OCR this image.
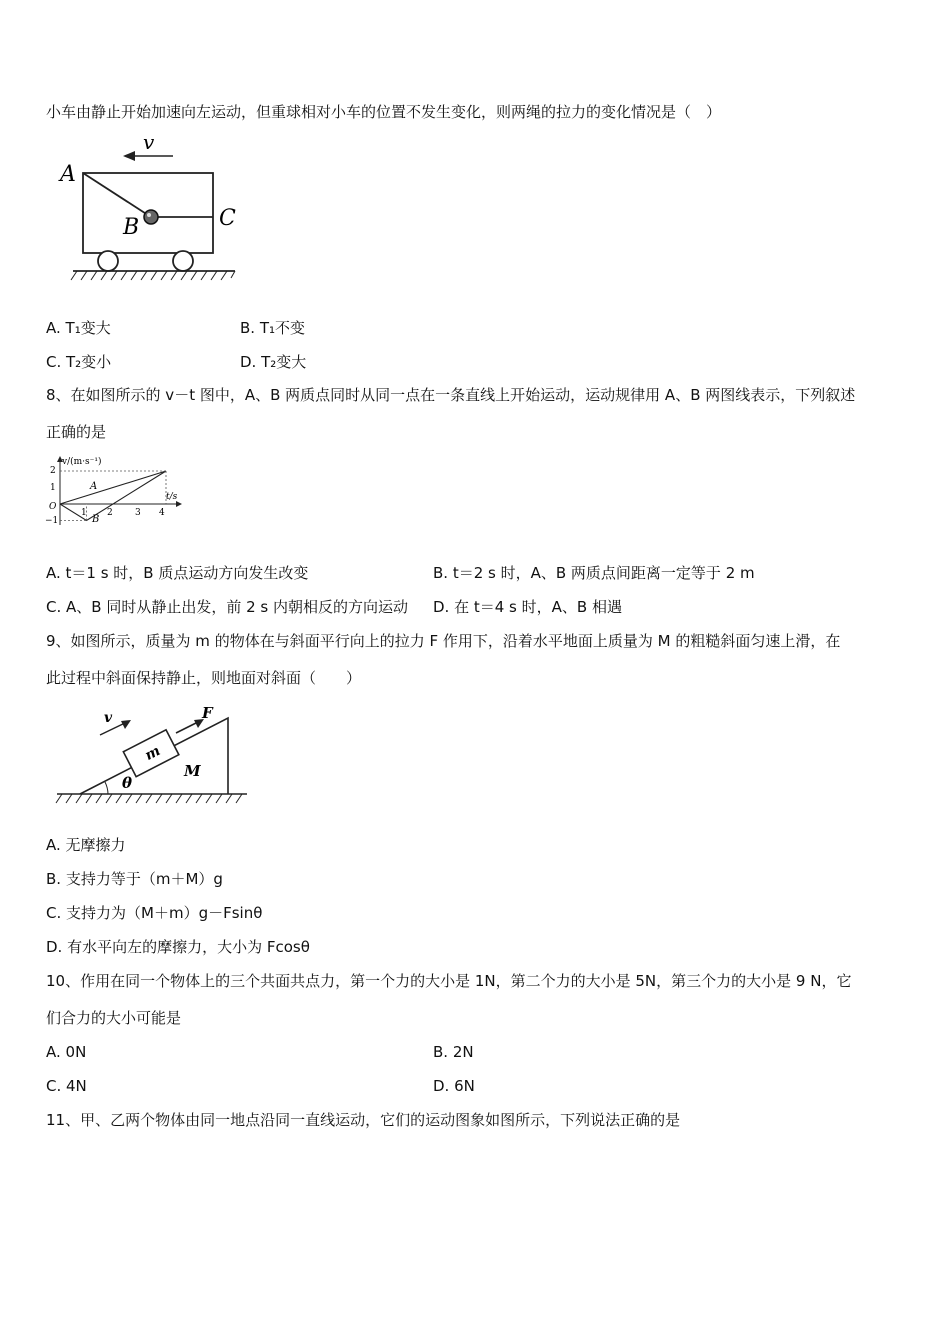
小车由静止开始加速向左运动，但重球相对小车的位置不发生变化，则两绳的拉力的变化情况是（　）
v
A
B	C
A. T₁变大	B. T₁不变
C. T₂变小	D. T₂变大
8、在如图所示的 v－t 图中，A、B 两质点同时从同一点在一条直线上开始运动，运动规律用 A、B 两图线表示，下列叙述
正确的是
v/(m·s⁻¹)
t/s
O
2
1
−1
1 2 3 4
A
B
A. t＝1 s 时，B 质点运动方向发生改变	B. t＝2 s 时，A、B 两质点间距离一定等于 2 m
C. A、B 同时从静止出发，前 2 s 内朝相反的方向运动 D. 在 t＝4 s 时，A、B 相遇
9、如图所示，质量为 m 的物体在与斜面平行向上的拉力 F 作用下，沿着水平地面上质量为 M 的粗糙斜面匀速上滑，在
此过程中斜面保持静止，则地面对斜面（　　）
θ
m
F
v
M
A. 无摩擦力
B. 支持力等于（m＋M）g
C. 支持力为（M＋m）g－Fsinθ
D. 有水平向左的摩擦力，大小为 Fcosθ
10、作用在同一个物体上的三个共面共点力，第一个力的大小是 1N，第二个力的大小是 5N，第三个力的大小是 9 N，它
们合力的大小可能是
A. 0N	B. 2N
C. 4N	D. 6N
11、甲、乙两个物体由同一地点沿同一直线运动，它们的运动图象如图所示，下列说法正确的是
